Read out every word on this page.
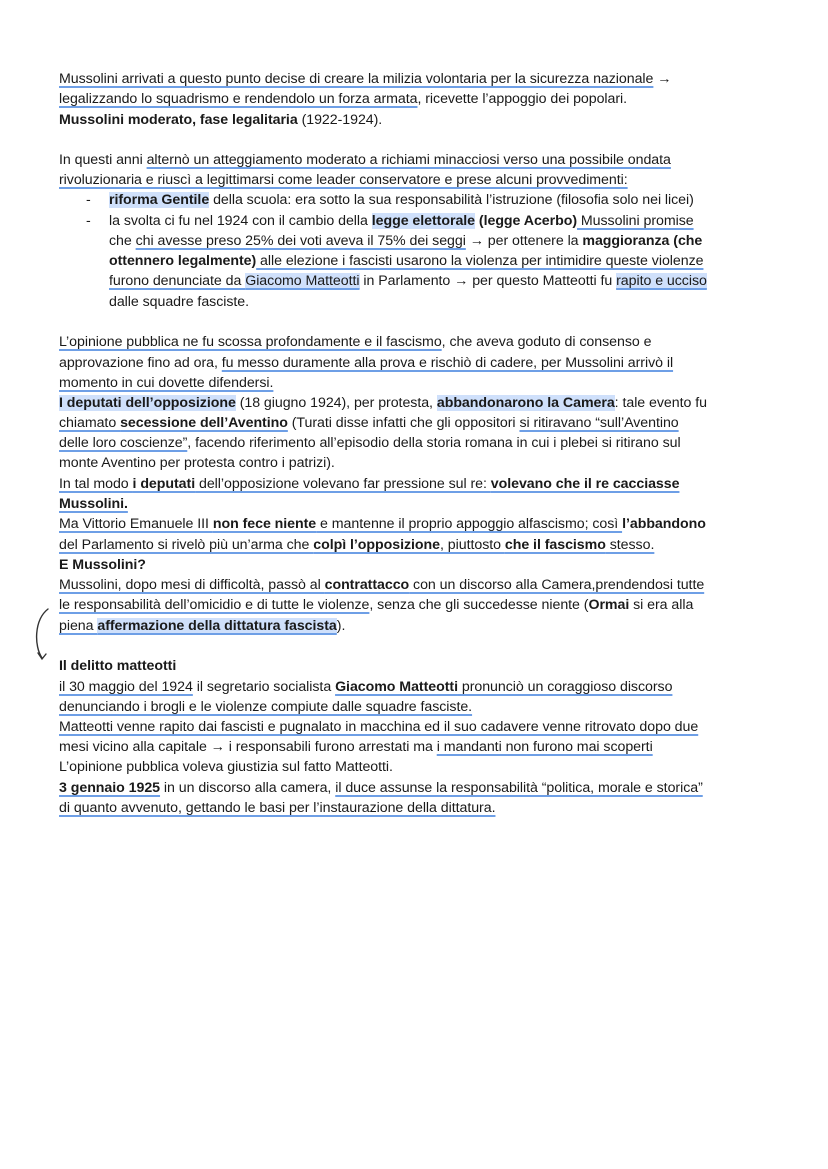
Mussolini arrivati a questo punto decise di creare la milizia volontaria per la sicurezza nazionale →
legalizzando lo squadrismo e rendendolo un forza armata, ricevette l’appoggio dei popolari.
Mussolini moderato, fase legalitaria (1922-1924).
In questi anni alternò un atteggiamento moderato a richiami minacciosi verso una possibile ondata
rivoluzionaria e riuscì a legittimarsi come leader conservatore e prese alcuni provvedimenti:
- riforma Gentile della scuola: era sotto la sua responsabilità l’istruzione (filosofia solo nei licei)
- la svolta ci fu nel 1924 con il cambio della legge elettorale (legge Acerbo) Mussolini promise
che chi avesse preso 25% dei voti aveva il 75% dei seggi → per ottenere la maggioranza (che
ottennero legalmente) alle elezione i fascisti usarono la violenza per intimidire queste violenze
furono denunciate da Giacomo Matteotti in Parlamento → per questo Matteotti fu rapito e ucciso
dalle squadre fasciste.
L’opinione pubblica ne fu scossa profondamente e il fascismo, che aveva goduto di consenso e
approvazione fino ad ora, fu messo duramente alla prova e rischiò di cadere, per Mussolini arrivò il
momento in cui dovette difendersi.
I deputati dell’opposizione (18 giugno 1924), per protesta, abbandonarono la Camera: tale evento fu
chiamato secessione dell’Aventino (Turati disse infatti che gli oppositori si ritiravano “sull’Aventino
delle loro coscienze”, facendo riferimento all’episodio della storia romana in cui i plebei si ritirano sul
monte Aventino per protesta contro i patrizi).
In tal modo i deputati dell’opposizione volevano far pressione sul re: volevano che il re cacciasse
Mussolini.
Ma Vittorio Emanuele III non fece niente e mantenne il proprio appoggio alfascismo; così l’abbandono
del Parlamento si rivelò più un’arma che colpì l’opposizione, piuttosto che il fascismo stesso.
E Mussolini?
Mussolini, dopo mesi di difficoltà, passò al contrattacco con un discorso alla Camera,prendendosi tutte
le responsabilità dell’omicidio e di tutte le violenze, senza che gli succedesse niente (Ormai si era alla
piena affermazione della dittatura fascista).
Il delitto matteotti
il 30 maggio del 1924 il segretario socialista Giacomo Matteotti pronunciò un coraggioso discorso
denunciando i brogli e le violenze compiute dalle squadre fasciste.
Matteotti venne rapito dai fascisti e pugnalato in macchina ed il suo cadavere venne ritrovato dopo due
mesi vicino alla capitale → i responsabili furono arrestati ma i mandanti non furono mai scoperti
L’opinione pubblica voleva giustizia sul fatto Matteotti.
3 gennaio 1925 in un discorso alla camera, il duce assunse la responsabilità “politica, morale e storica”
di quanto avvenuto, gettando le basi per l’instaurazione della dittatura.
